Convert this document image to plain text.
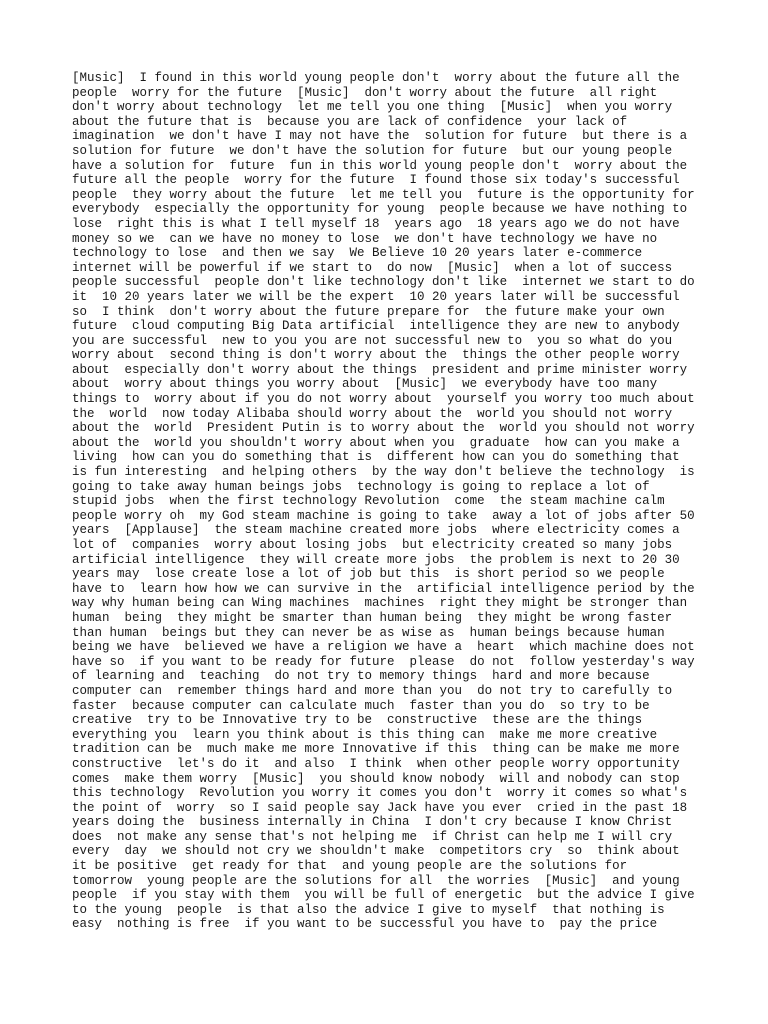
[Music]  I found in this world young people don't  worry about the future all the
people  worry for the future  [Music]  don't worry about the future  all right
don't worry about technology  let me tell you one thing  [Music]  when you worry
about the future that is  because you are lack of confidence  your lack of
imagination  we don't have I may not have the  solution for future  but there is a
solution for future  we don't have the solution for future  but our young people
have a solution for  future  fun in this world young people don't  worry about the
future all the people  worry for the future  I found those six today's successful
people  they worry about the future  let me tell you  future is the opportunity for
everybody  especially the opportunity for young  people because we have nothing to
lose  right this is what I tell myself 18  years ago  18 years ago we do not have
money so we  can we have no money to lose  we don't have technology we have no
technology to lose  and then we say  We Believe 10 20 years later e-commerce
internet will be powerful if we start to  do now  [Music]  when a lot of success
people successful  people don't like technology don't like  internet we start to do
it  10 20 years later we will be the expert  10 20 years later will be successful
so  I think  don't worry about the future prepare for  the future make your own
future  cloud computing Big Data artificial  intelligence they are new to anybody
you are successful  new to you you are not successful new to  you so what do you
worry about  second thing is don't worry about the  things the other people worry
about  especially don't worry about the things  president and prime minister worry
about  worry about things you worry about  [Music]  we everybody have too many
things to  worry about if you do not worry about  yourself you worry too much about
the  world  now today Alibaba should worry about the  world you should not worry
about the  world  President Putin is to worry about the  world you should not worry
about the  world you shouldn't worry about when you  graduate  how can you make a
living  how can you do something that is  different how can you do something that
is fun interesting  and helping others  by the way don't believe the technology  is
going to take away human beings jobs  technology is going to replace a lot of
stupid jobs  when the first technology Revolution  come  the steam machine calm
people worry oh  my God steam machine is going to take  away a lot of jobs after 50
years  [Applause]  the steam machine created more jobs  where electricity comes a
lot of  companies  worry about losing jobs  but electricity created so many jobs
artificial intelligence  they will create more jobs  the problem is next to 20 30
years may  lose create lose a lot of job but this  is short period so we people
have to  learn how how we can survive in the  artificial intelligence period by the
way why human being can Wing machines  machines  right they might be stronger than
human  being  they might be smarter than human being  they might be wrong faster
than human  beings but they can never be as wise as  human beings because human
being we have  believed we have a religion we have a  heart  which machine does not
have so  if you want to be ready for future  please  do not  follow yesterday's way
of learning and  teaching  do not try to memory things  hard and more because
computer can  remember things hard and more than you  do not try to carefully to
faster  because computer can calculate much  faster than you do  so try to be
creative  try to be Innovative try to be  constructive  these are the things
everything you  learn you think about is this thing can  make me more creative
tradition can be  much make me more Innovative if this  thing can be make me more
constructive  let's do it  and also  I think  when other people worry opportunity
comes  make them worry  [Music]  you should know nobody  will and nobody can stop
this technology  Revolution you worry it comes you don't  worry it comes so what's
the point of  worry  so I said people say Jack have you ever  cried in the past 18
years doing the  business internally in China  I don't cry because I know Christ
does  not make any sense that's not helping me  if Christ can help me I will cry
every  day  we should not cry we shouldn't make  competitors cry  so  think about
it be positive  get ready for that  and young people are the solutions for
tomorrow  young people are the solutions for all  the worries  [Music]  and young
people  if you stay with them  you will be full of energetic  but the advice I give
to the young  people  is that also the advice I give to myself  that nothing is
easy  nothing is free  if you want to be successful you have to  pay the price
